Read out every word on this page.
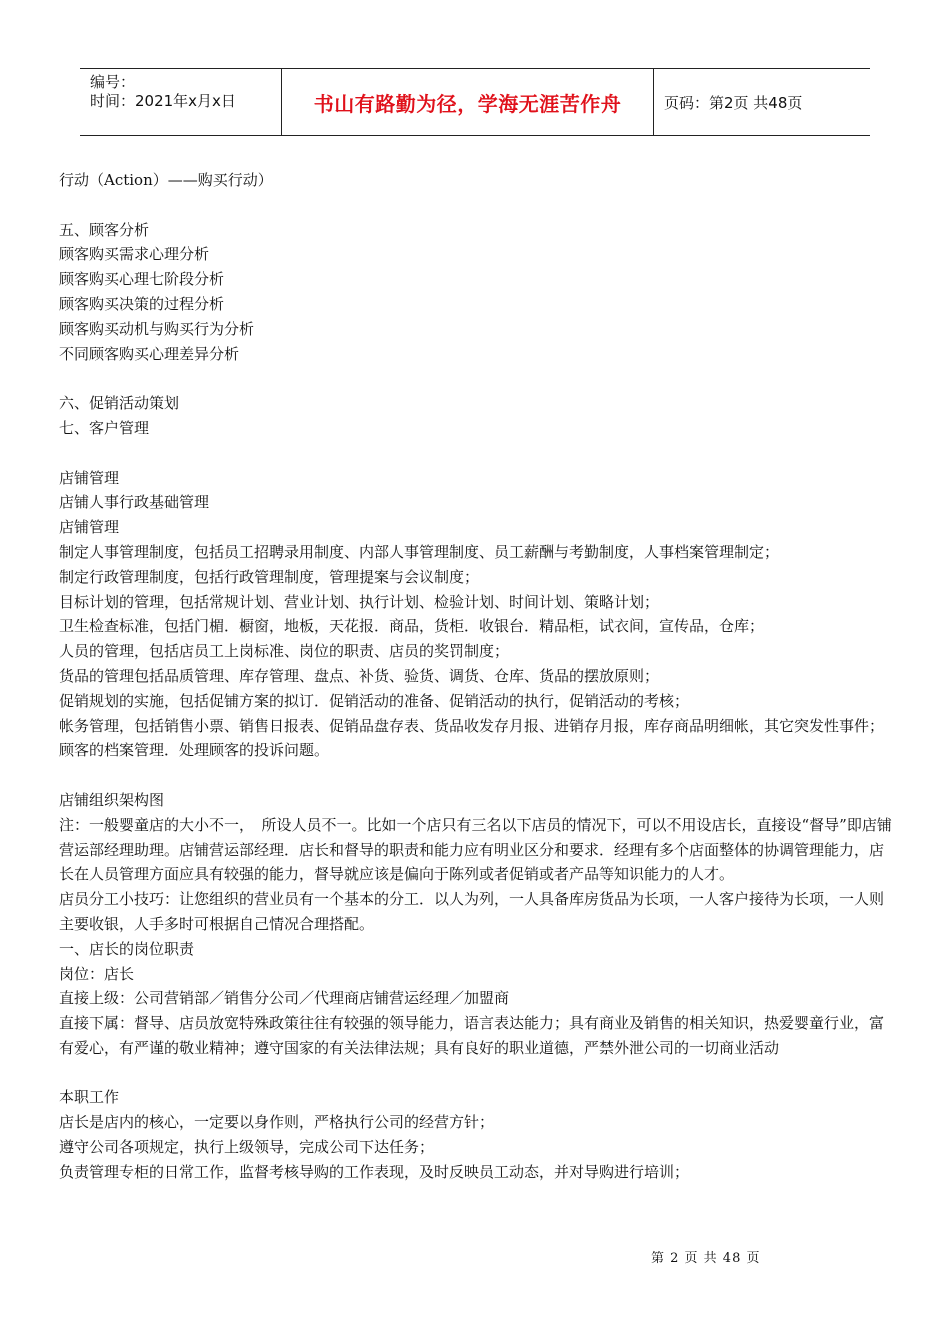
编号：
时间：2021年x月x日	书山有路勤为径，学海无涯苦作舟	页码：第2页 共48页
行动（Action）——购买行动）
五、顾客分析
顾客购买需求心理分析
顾客购买心理七阶段分析
顾客购买决策的过程分析
顾客购买动机与购买行为分析
不同顾客购买心理差异分析
六、促销活动策划
七、客户管理
店铺管理
店铺人事行政基础管理
店铺管理
制定人事管理制度，包括员工招聘录用制度、内部人事管理制度、员工薪酬与考勤制度，人事档案管理制定；
制定行政管理制度，包括行政管理制度，管理提案与会议制度；
目标计划的管理，包括常规计划、营业计划、执行计划、检验计划、时间计划、策略计划；
卫生检查标准，包括门楣．橱窗，地板，天花报．商品，货柜．收银台．精品柜，试衣间，宣传品，仓库；
人员的管理，包括店员工上岗标准、岗位的职责、店员的奖罚制度；
货品的管理包括品质管理、库存管理、盘点、补货、验货、调货、仓库、货品的摆放原则；
促销规划的实施，包括促铺方案的拟订．促销活动的准备、促销活动的执行，促销活动的考核；
帐务管理，包括销售小票、销售日报表、促销品盘存表、货品收发存月报、进销存月报，库存商品明细帐，其它突发性事件；顾客的档案管理．处理顾客的投诉问题。
店铺组织架构图
注：一般婴童店的大小不一，　所设人员不一。比如一个店只有三名以下店员的情况下，可以不用设店长，直接设“督导”即店铺营运部经理助理。店铺营运部经理．店长和督导的职责和能力应有明业区分和要求．经理有多个店面整体的协调管理能力，店长在人员管理方面应具有较强的能力，督导就应该是偏向于陈列或者促销或者产品等知识能力的人才。
店员分工小技巧：让您组织的营业员有一个基本的分工．以人为列，一人具备库房货品为长项，一人客户接待为长项，一人则主要收银，人手多时可根据自己情况合理搭配。
一、店长的岗位职责
岗位：店长
直接上级：公司营销部／销售分公司／代理商店铺营运经理／加盟商
直接下属：督导、店员放宽特殊政策往往有较强的领导能力，语言表达能力；具有商业及销售的相关知识，热爱婴童行业，富有爱心，有严谨的敬业精神；遵守国家的有关法律法规；具有良好的职业道德，严禁外泄公司的一切商业活动
本职工作
店长是店内的核心，一定要以身作则，严格执行公司的经营方针；
遵守公司各项规定，执行上级领导，完成公司下达任务；
负责管理专柜的日常工作，监督考核导购的工作表现，及时反映员工动态，并对导购进行培训；
第 2 页 共 48 页
